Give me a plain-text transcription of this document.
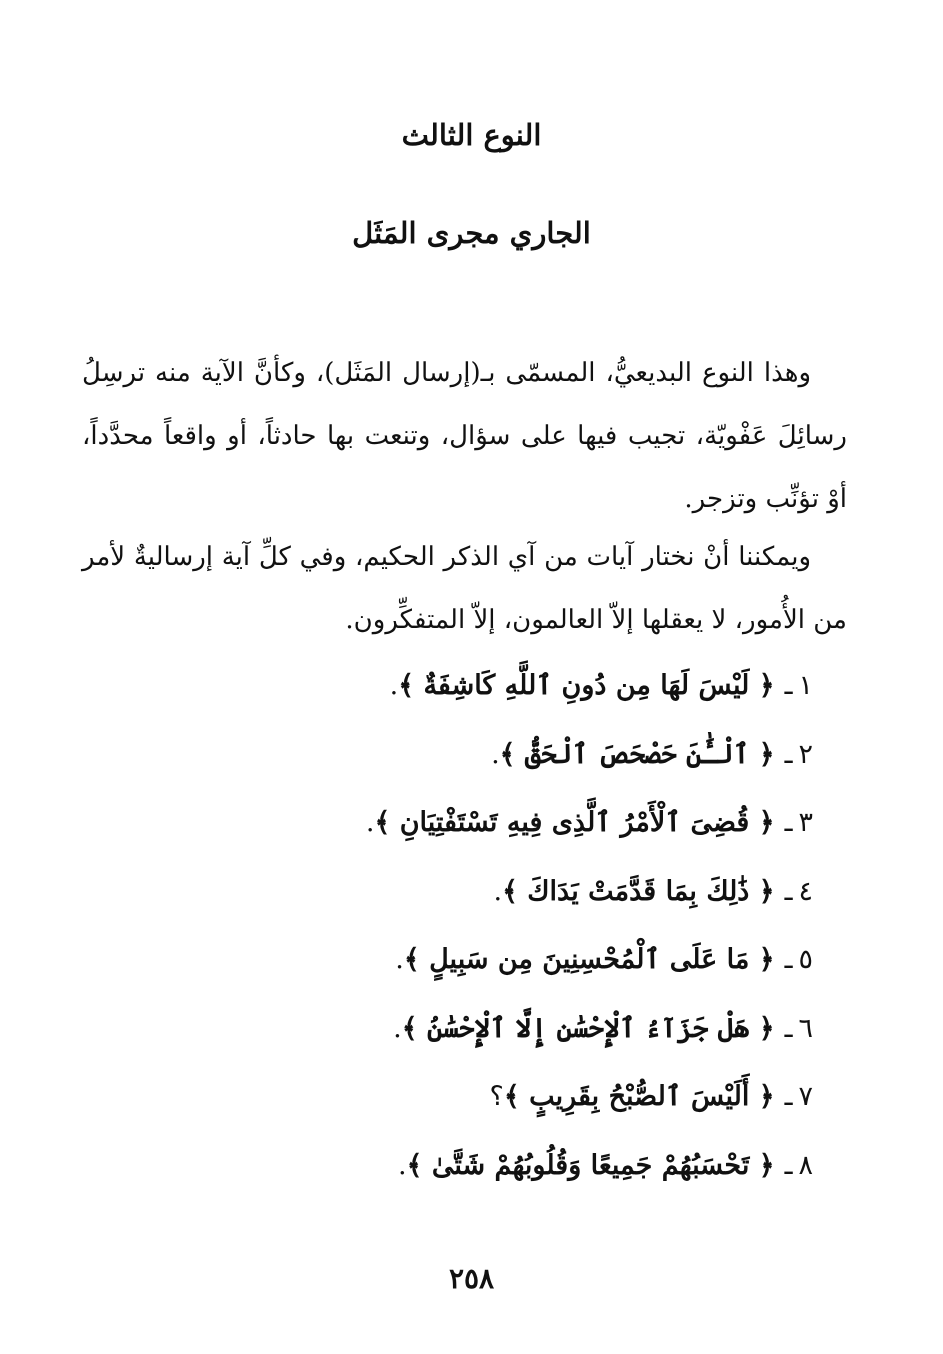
النوع الثالث
الجاري مجرى المَثَل

وهذا النوع البديعيُّ، المسمّى بـ(إرسال المَثَل)، وكأنَّ الآية منه ترسِلُ رسائِلَ عَفْويّة، تجيب فيها على سؤال، وتنعت بها حادثاً، أو واقعاً محدَّداً، أوْ تؤنِّب وتزجر.

ويمكننا أنْ نختار آيات من آي الذكر الحكيم، وفي كلِّ آية إرساليةٌ لأمر من الأُمور، لا يعقلها إلاّ العالمون، إلاّ المتفكِّرون.

١ـ﴿ لَيْسَ لَهَا مِن دُونِ ٱللَّهِ كَاشِفَةٌ ﴾.
٢ـ﴿ ٱلْـَٰٔنَ حَصْحَصَ ٱلْحَقُّ ﴾.
٣ـ﴿ قُضِىَ ٱلْأَمْرُ ٱلَّذِى فِيهِ تَسْتَفْتِيَانِ ﴾.
٤ـ﴿ ذَٰلِكَ بِمَا قَدَّمَتْ يَدَاكَ ﴾.
٥ـ﴿ مَا عَلَى ٱلْمُحْسِنِينَ مِن سَبِيلٍ ﴾.
٦ـ﴿ هَلْ جَزَآءُ ٱلْإِحْسَٰنِ إِلَّا ٱلْإِحْسَٰنُ ﴾.
٧ـ﴿ أَلَيْسَ ٱلصُّبْحُ بِقَرِيبٍ ﴾؟
٨ـ﴿ تَحْسَبُهُمْ جَمِيعًا وَقُلُوبُهُمْ شَتَّىٰ ﴾.
٢٥٨
